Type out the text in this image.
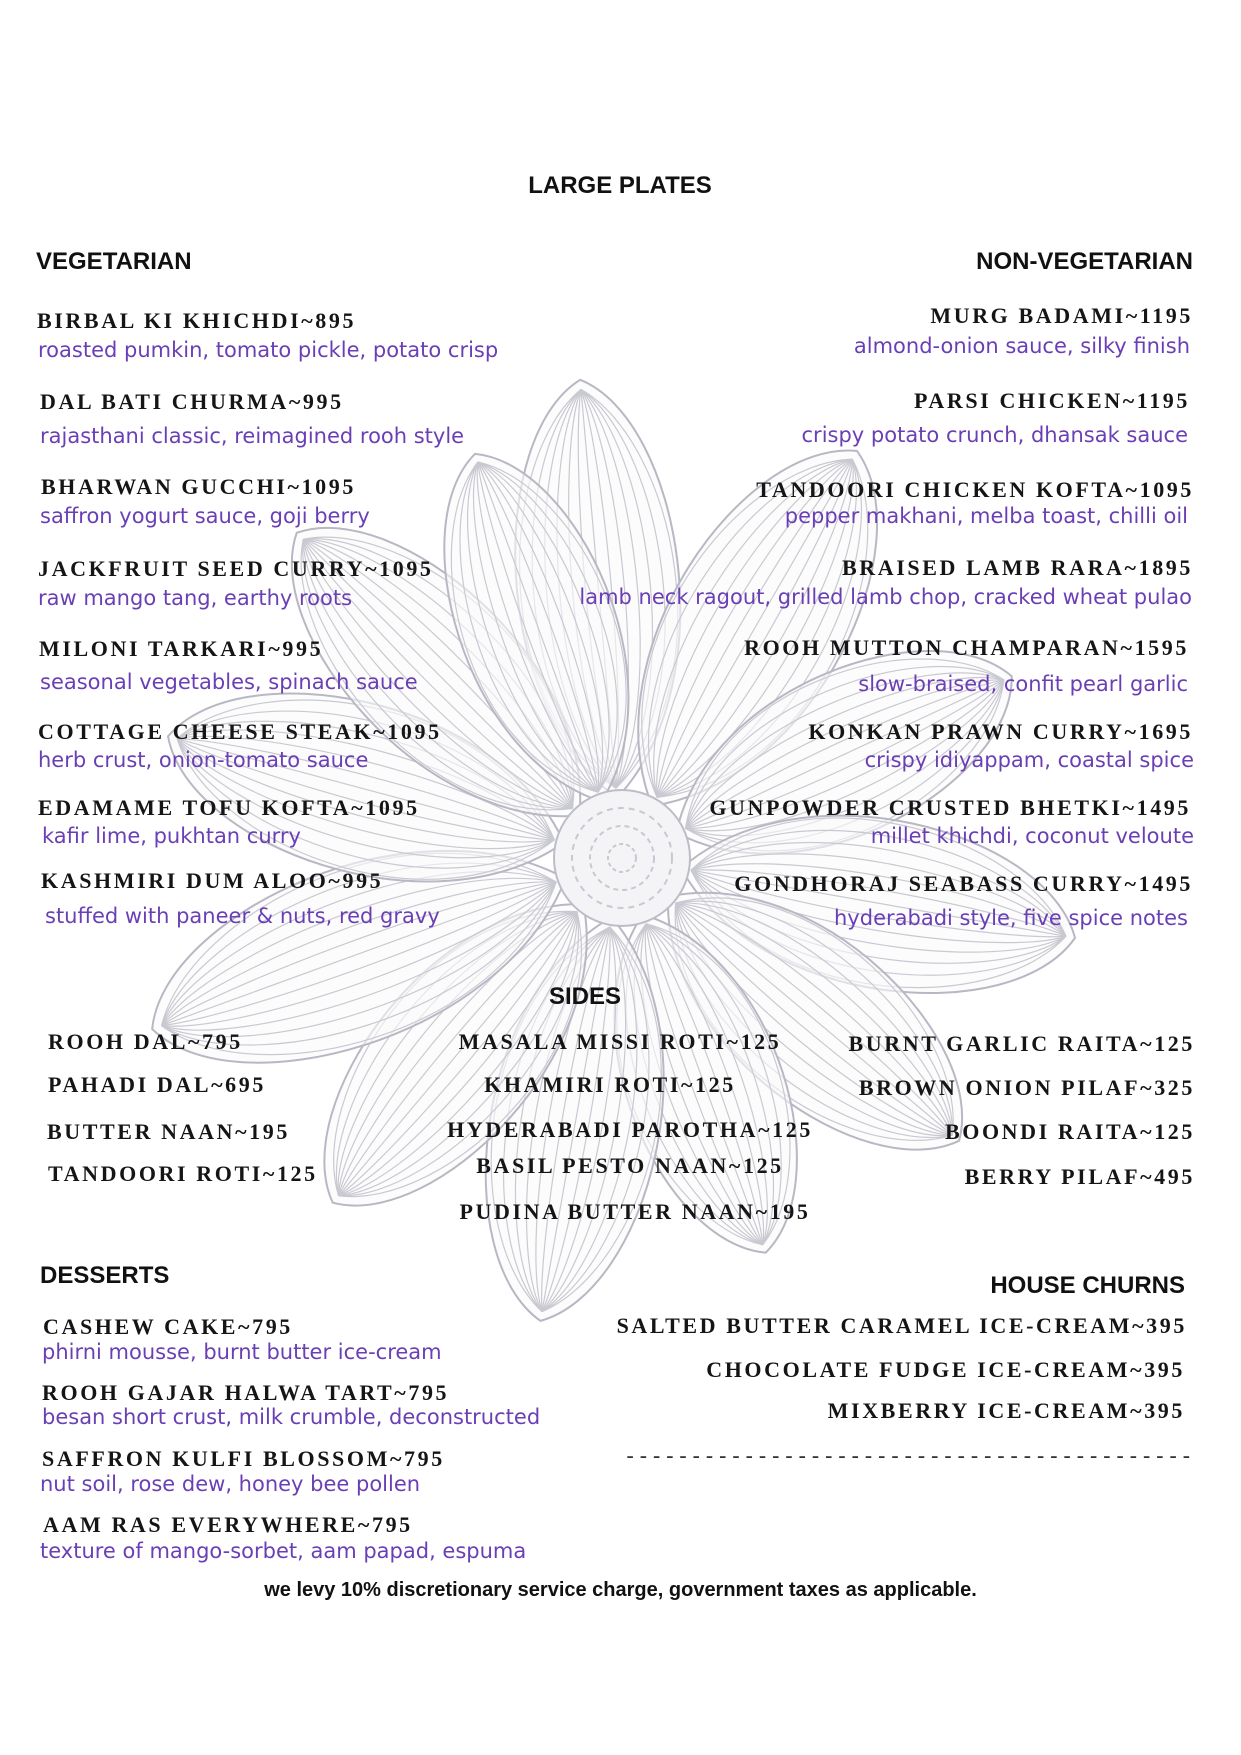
LARGE PLATES
VEGETARIAN
BIRBAL KI KHICHDI~895
roasted pumkin, tomato pickle, potato crisp
DAL BATI CHURMA~995
rajasthani classic, reimagined rooh style
BHARWAN GUCCHI~1095
saffron yogurt sauce, goji berry
JACKFRUIT SEED CURRY~1095
raw mango tang, earthy roots
MILONI TARKARI~995
seasonal vegetables, spinach sauce
COTTAGE CHEESE STEAK~1095
herb crust, onion-tomato sauce
EDAMAME TOFU KOFTA~1095
kafir lime, pukhtan curry
KASHMIRI DUM ALOO~995
stuffed with paneer & nuts, red gravy
NON-VEGETARIAN
MURG BADAMI~1195
almond-onion sauce, silky finish
PARSI CHICKEN~1195
crispy potato crunch, dhansak sauce
TANDOORI CHICKEN KOFTA~1095
pepper makhani, melba toast, chilli oil
BRAISED LAMB RARA~1895
lamb neck ragout, grilled lamb chop, cracked wheat pulao
ROOH MUTTON CHAMPARAN~1595
slow-braised, confit pearl garlic
KONKAN PRAWN CURRY~1695
crispy idiyappam, coastal spice
GUNPOWDER CRUSTED BHETKI~1495
millet khichdi, coconut veloute
GONDHORAJ SEABASS CURRY~1495
hyderabadi style, five spice notes
SIDES
ROOH DAL~795
PAHADI DAL~695
BUTTER NAAN~195
TANDOORI ROTI~125
MASALA MISSI ROTI~125
KHAMIRI ROTI~125
HYDERABADI PAROTHA~125
BASIL PESTO NAAN~125
PUDINA BUTTER NAAN~195
BURNT GARLIC RAITA~125
BROWN ONION PILAF~325
BOONDI RAITA~125
BERRY PILAF~495
DESSERTS
CASHEW CAKE~795
phirni mousse, burnt butter ice-cream
ROOH GAJAR HALWA TART~795
besan short crust, milk crumble, deconstructed
SAFFRON KULFI BLOSSOM~795
nut soil, rose dew, honey bee pollen
AAM RAS EVERYWHERE~795
texture of mango-sorbet, aam papad, espuma
HOUSE CHURNS
SALTED BUTTER CARAMEL ICE-CREAM~395
CHOCOLATE FUDGE ICE-CREAM~395
MIXBERRY ICE-CREAM~395
-------------------------------------------
we levy 10% discretionary service charge, government taxes as applicable.
